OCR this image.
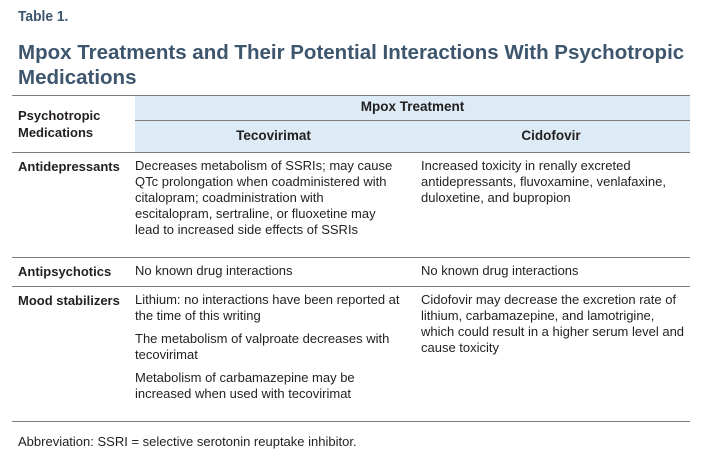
Table 1.
Mpox Treatments and Their Potential Interactions With Psychotropic Medications
Psychotropic Medications
Mpox Treatment
Tecovirimat	Cidofovir
Antidepressants Decreases metabolism of SSRIs; may cause QTc prolongation when coadministered with citalopram; coadministration with escitalopram, sertraline, or fluoxetine may lead to increased side effects of SSRIs

Increased toxicity in renally excreted antidepressants, fluvoxamine, venlafaxine, duloxetine, and bupropion

Antipsychotics No known drug interactions	No known drug interactions

Mood stabilizers Lithium: no interactions have been reported at the time of this writing

The metabolism of valproate decreases with tecovirimat

Metabolism of carbamazepine may be increased when used with tecovirimat

Cidofovir may decrease the excretion rate of lithium, carbamazepine, and lamotrigine, which could result in a higher serum level and cause toxicity

Abbreviation: SSRI = selective serotonin reuptake inhibitor.
